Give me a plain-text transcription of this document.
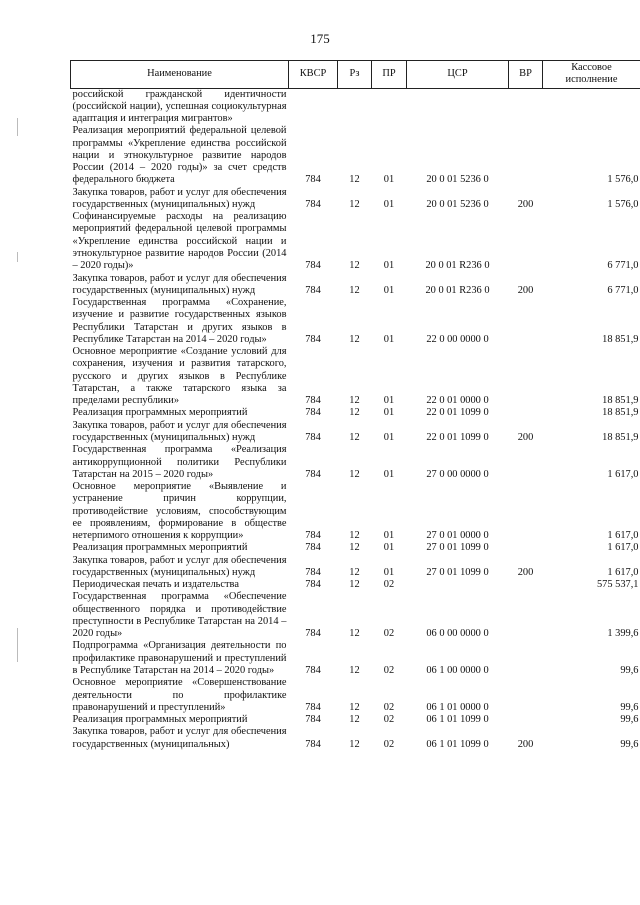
175
Наименование	КВСР	Рз	ПР	ЦСР	ВР	Кассовое исполнение
российской гражданской идентичности (российской нации), успешная социокультурная адаптация и интеграция мигрантов»						
Реализация мероприятий федеральной целевой программы «Укрепление единства российской нации и этнокультурное развитие народов России (2014 – 2020 годы)» за счет средств федерального бюджета	784	12	01	20 0 01 5236 0		1 576,0
Закупка товаров, работ и услуг для обеспечения государственных (муниципальных) нужд	784	12	01	20 0 01 5236 0	200	1 576,0
Софинансируемые расходы на реализацию мероприятий федеральной целевой программы «Укрепление единства российской нации и этнокультурное развитие народов России (2014 – 2020 годы)»	784	12	01	20 0 01 R236 0		6 771,0
Закупка товаров, работ и услуг для обеспечения государственных (муниципальных) нужд	784	12	01	20 0 01 R236 0	200	6 771,0
Государственная программа «Сохранение, изучение и развитие государственных языков Республики Татарстан и других языков в Республике Татарстан на 2014 – 2020 годы»	784	12	01	22 0 00 0000 0		18 851,9
Основное мероприятие «Создание условий для сохранения, изучения и развития татарского, русского и других языков в Республике Татарстан, а также татарского языка за пределами республики»	784	12	01	22 0 01 0000 0		18 851,9
Реализация программных мероприятий	784	12	01	22 0 01 1099 0		18 851,9
Закупка товаров, работ и услуг для обеспечения государственных (муниципальных) нужд	784	12	01	22 0 01 1099 0	200	18 851,9
Государственная программа «Реализация антикоррупционной политики Республики Татарстан на 2015 – 2020 годы»	784	12	01	27 0 00 0000 0		1 617,0
Основное мероприятие «Выявление и устранение причин коррупции, противодействие условиям, способствующим ее проявлениям, формирование в обществе нетерпимого отношения к коррупции»	784	12	01	27 0 01 0000 0		1 617,0
Реализация программных мероприятий	784	12	01	27 0 01 1099 0		1 617,0
Закупка товаров, работ и услуг для обеспечения государственных (муниципальных) нужд	784	12	01	27 0 01 1099 0	200	1 617,0
Периодическая печать и издательства	784	12	02			575 537,1
Государственная программа «Обеспечение общественного порядка и противодействие преступности в Республике Татарстан на 2014 – 2020 годы»	784	12	02	06 0 00 0000 0		1 399,6
Подпрограмма «Организация деятельности по профилактике правонарушений и преступлений в Республике Татарстан на 2014 – 2020 годы»	784	12	02	06 1 00 0000 0		99,6
Основное мероприятие «Совершенствование деятельности по профилактике правонарушений и преступлений»	784	12	02	06 1 01 0000 0		99,6
Реализация программных мероприятий	784	12	02	06 1 01 1099 0		99,6
Закупка товаров, работ и услуг для обеспечения государственных (муниципальных)	784	12	02	06 1 01 1099 0	200	99,6
